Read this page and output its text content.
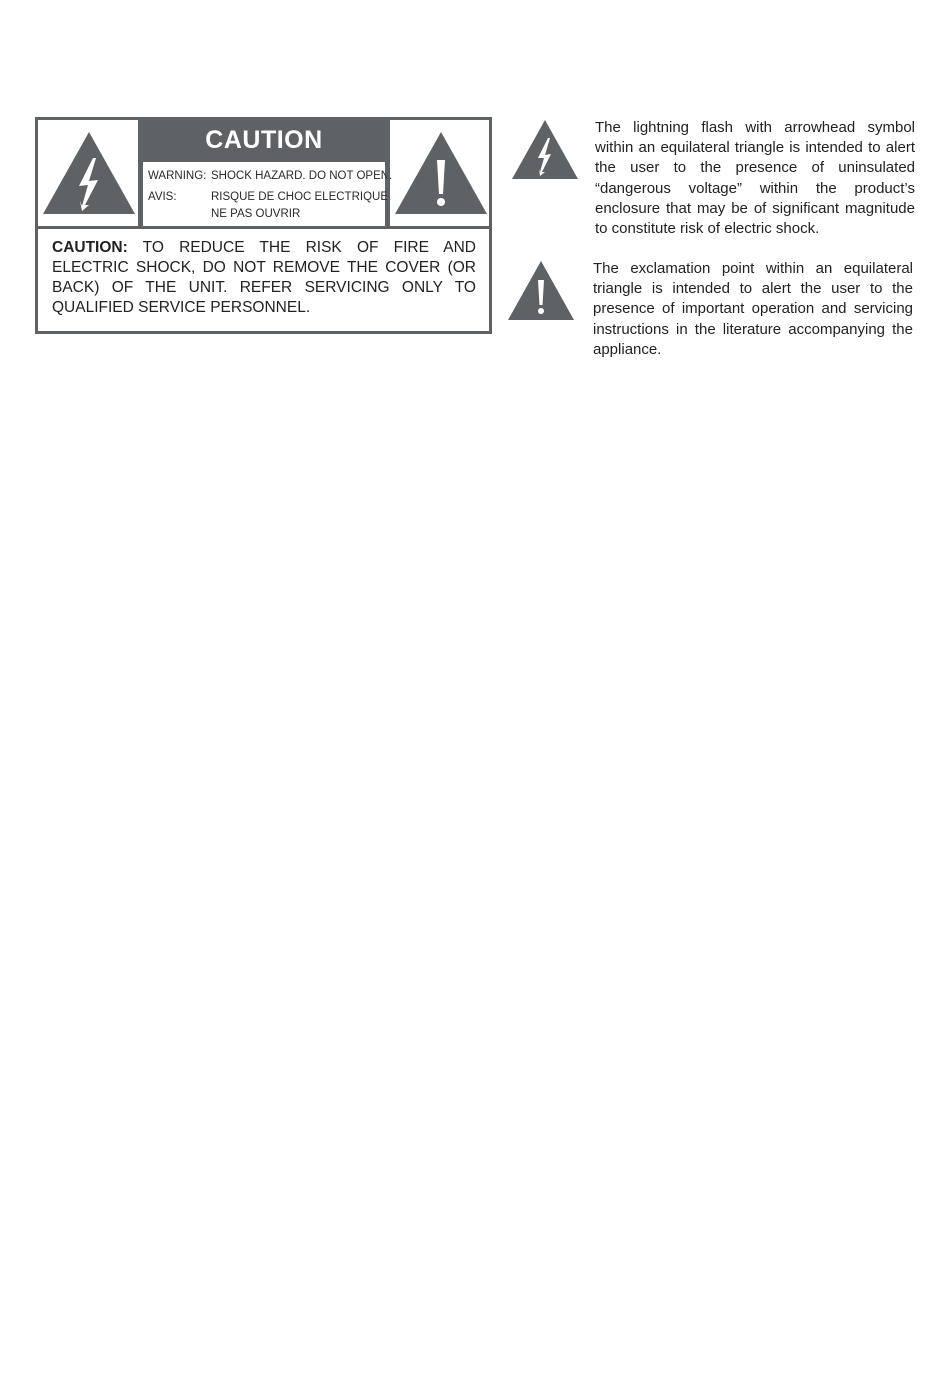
CAUTION
WARNING: SHOCK HAZARD. DO NOT OPEN.
AVIS:	RISQUE DE CHOC ELECTRIQUE.
NE PAS OUVRIR
CAUTION: TO REDUCE THE RISK OF FIRE AND ELECTRIC SHOCK, DO NOT REMOVE THE COVER (OR BACK) OF THE UNIT. REFER SERVICING ONLY TO QUALIFIED SERVICE PERSONNEL.
The lightning flash with arrowhead symbol within an equilateral triangle is intended to alert the user to the presence of uninsulated “dangerous voltage” within the product’s enclosure that may be of significant magnitude to constitute risk of electric shock.
The exclamation point within an equilateral triangle is intended to alert the user to the presence of important operation and servicing instructions in the literature accompanying the appliance.
